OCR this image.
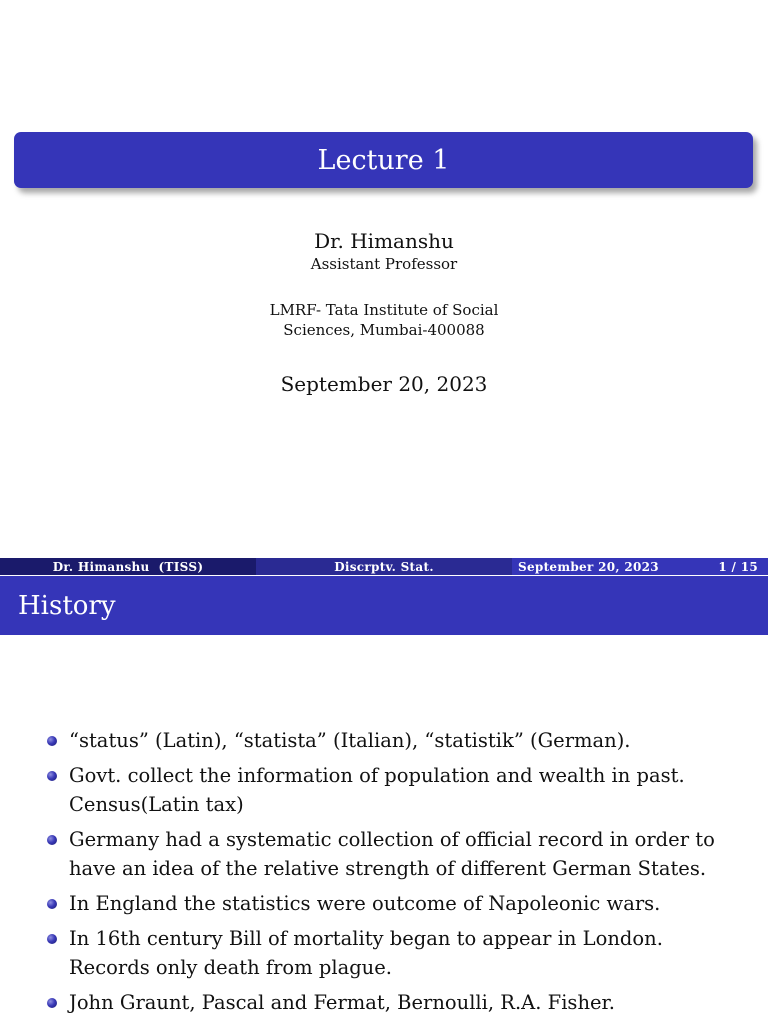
Lecture 1
Dr. Himanshu
Assistant Professor
LMRF- Tata Institute of Social
Sciences, Mumbai-400088
September 20, 2023
Dr. Himanshu  (TISS)	Discrptv. Stat.	September 20, 2023	1 / 15
History
“status” (Latin), “statista” (Italian), “statistik” (German).
Govt. collect the information of population and wealth in past.
Census(Latin tax)
Germany had a systematic collection of official record in order to
have an idea of the relative strength of different German States.
In England the statistics were outcome of Napoleonic wars.
In 16th century Bill of mortality began to appear in London.
Records only death from plague.
John Graunt, Pascal and Fermat, Bernoulli, R.A. Fisher.
